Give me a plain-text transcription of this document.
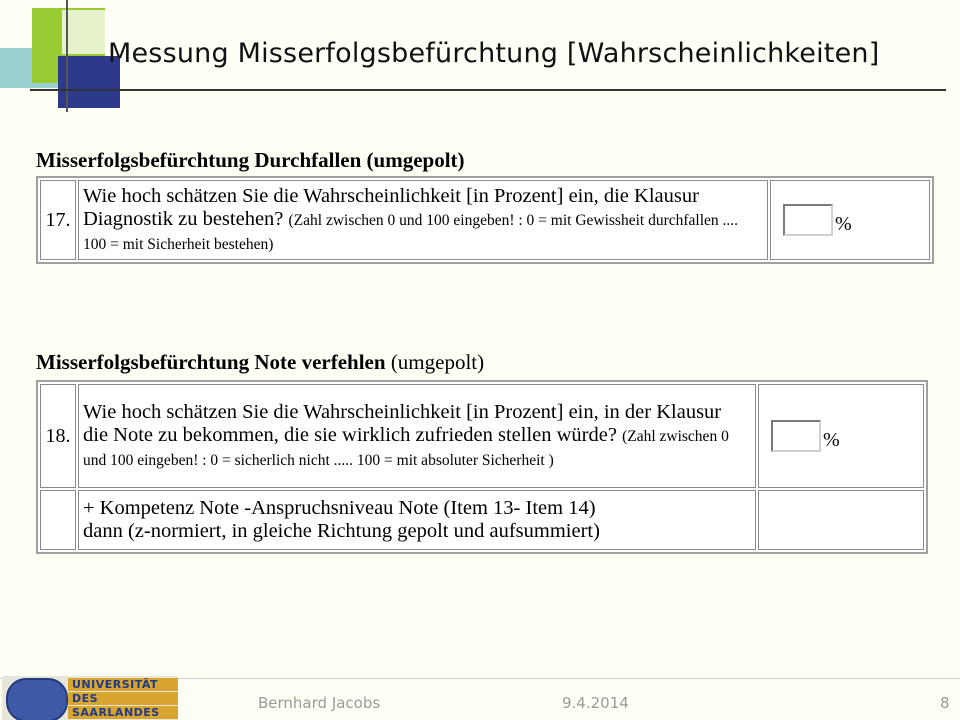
Messung Misserfolgsbefürchtung [Wahrscheinlichkeiten]
Misserfolgsbefürchtung Durchfallen (umgepolt)
17.	Wie hoch schätzen Sie die Wahrscheinlichkeit [in Prozent] ein, die Klausur Diagnostik zu bestehen? (Zahl zwischen 0 und 100 eingeben! : 0 = mit Gewissheit durchfallen .... 100 = mit Sicherheit bestehen)	%
Misserfolgsbefürchtung Note verfehlen (umgepolt)
18.	Wie hoch schätzen Sie die Wahrscheinlichkeit [in Prozent] ein, in der Klausur die Note zu bekommen, die sie wirklich zufrieden stellen würde? (Zahl zwischen 0 und 100 eingeben! : 0 = sicherlich nicht ..... 100 = mit absoluter Sicherheit )	%

	+ Kompetenz Note -Anspruchsniveau Note (Item 13- Item 14)
dann (z-normiert, in gleiche Richtung gepolt und aufsummiert)	

UNIVERSITÄT
DES
SAARLANDES
Bernhard Jacobs	9.4.2014	8
